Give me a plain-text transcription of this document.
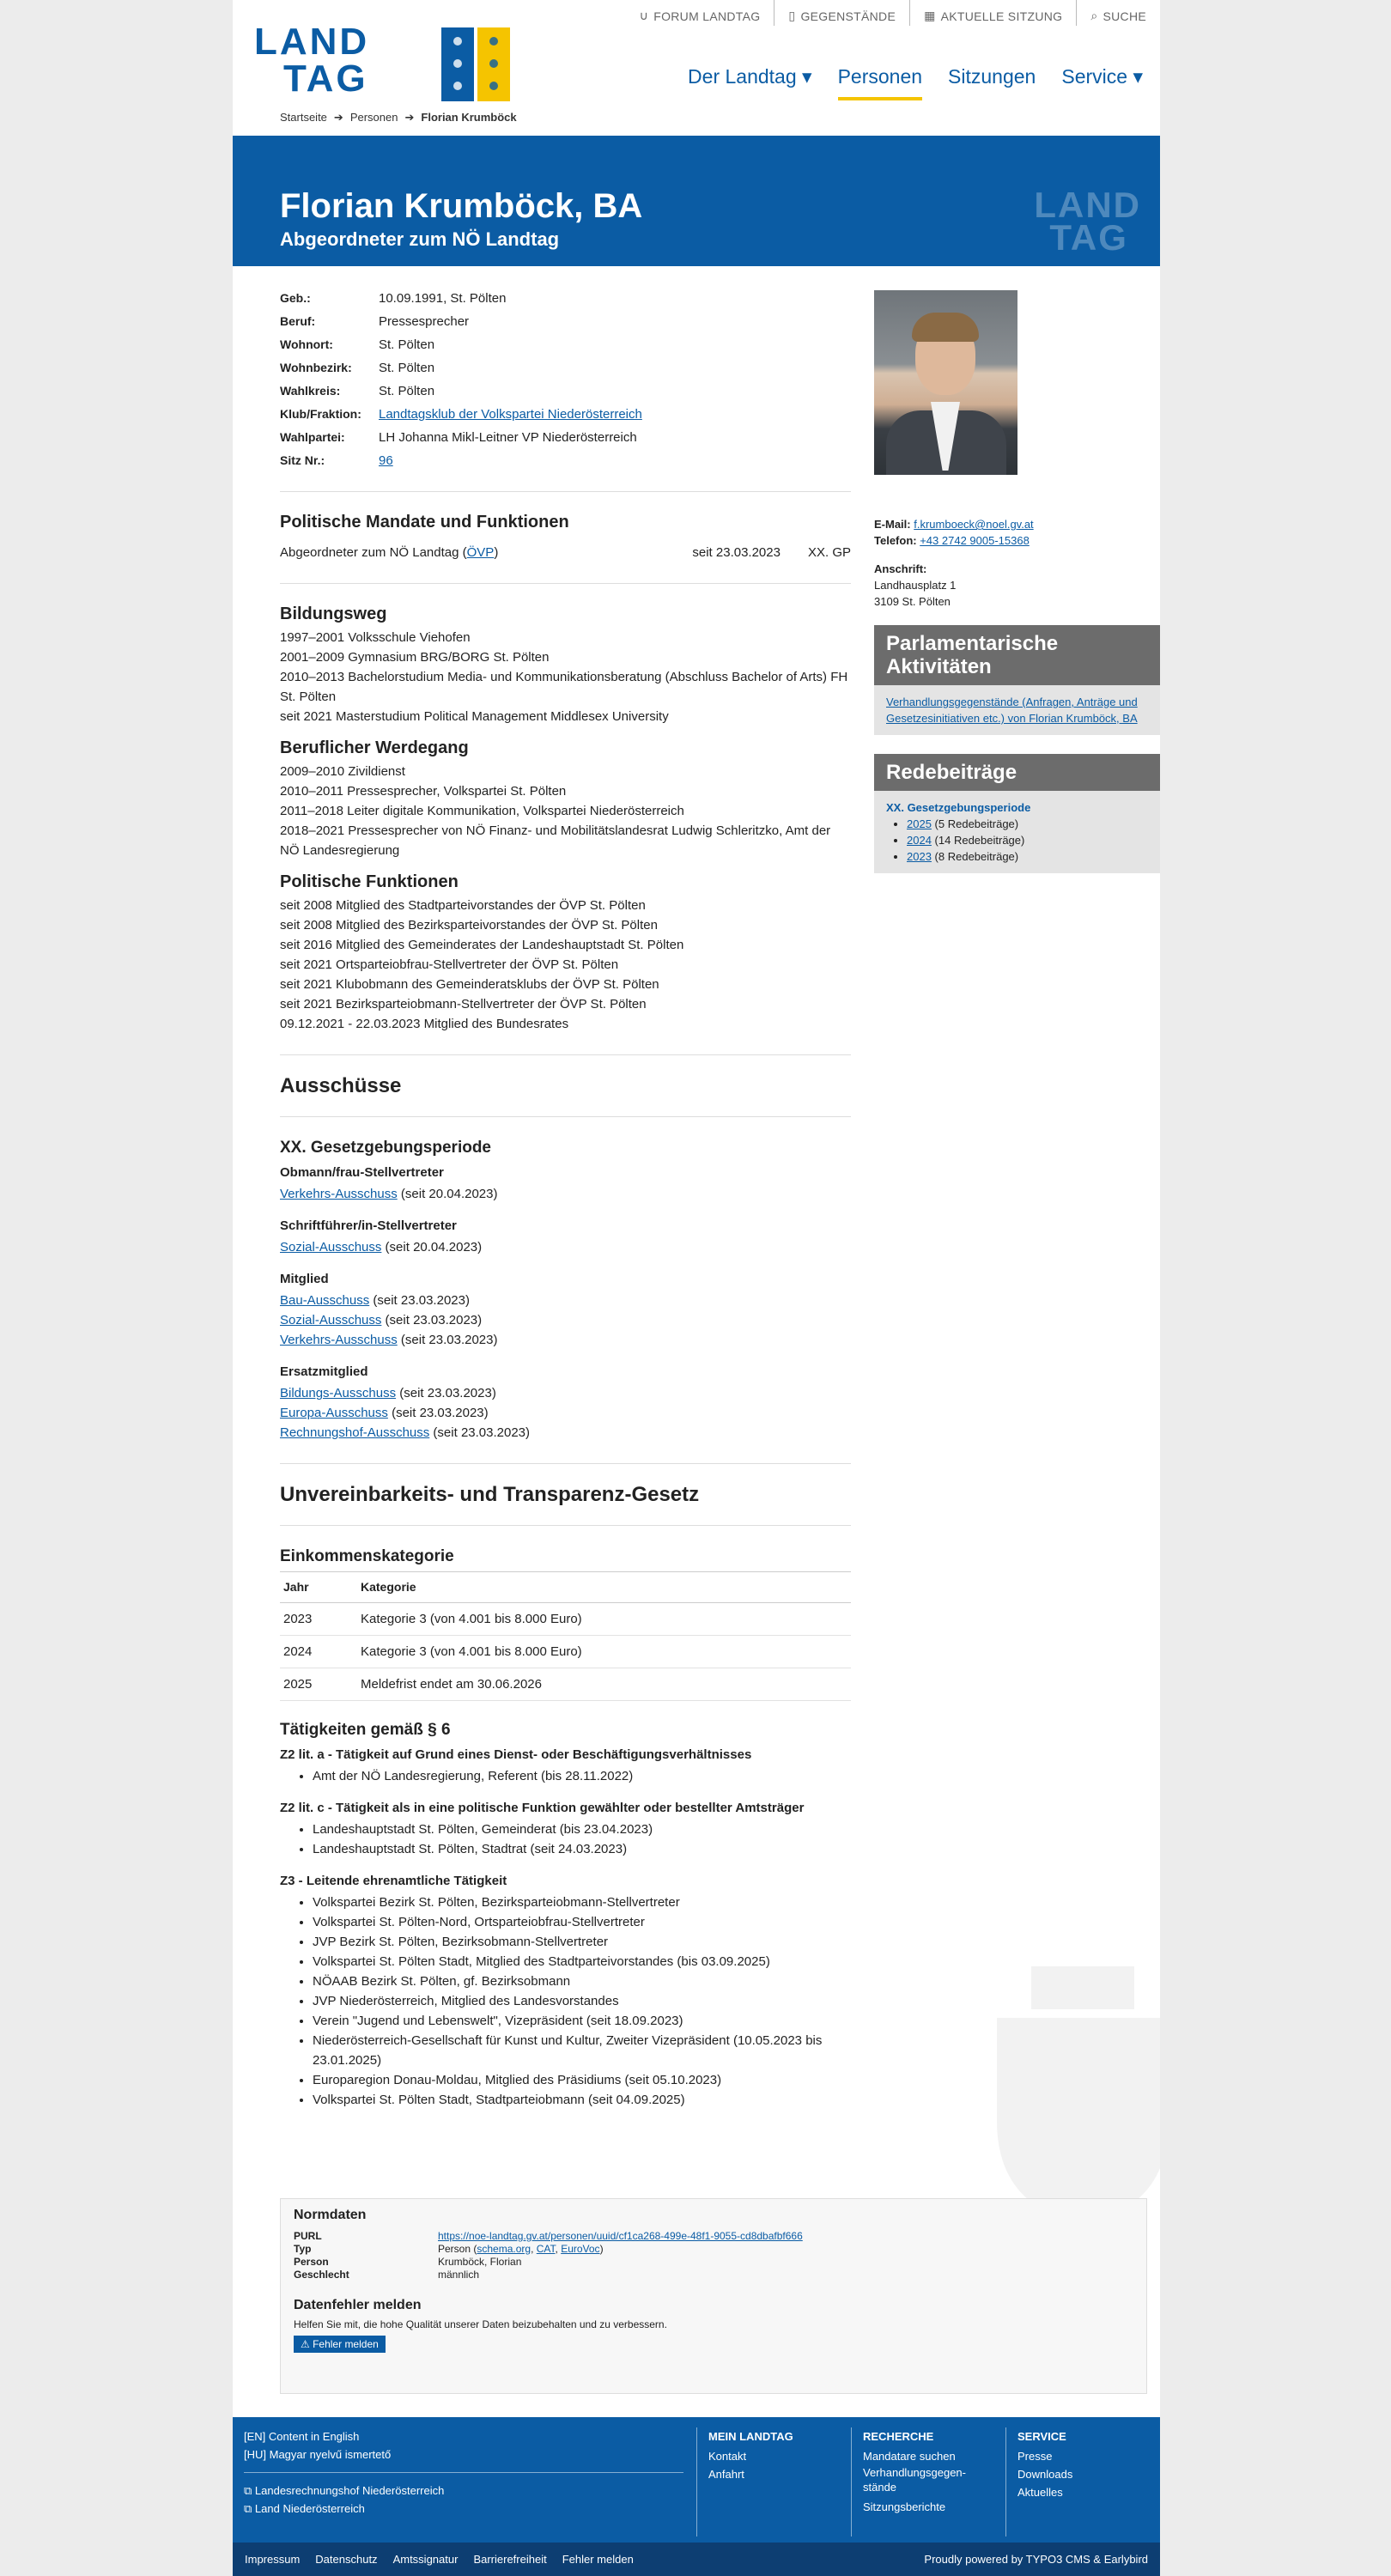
∪ FORUM LANDTAG ▯ GEGENSTÄNDE ▦ AKTUELLE SITZUNG ⌕ SUCHE
LAND
TAG	Der Landtag ▾ Personen Sitzungen Service ▾
Startseite ➔ Personen ➔ Florian Krumböck
Florian Krumböck, BA
Abgeordneter zum NÖ Landtag
LAND
TAG
Geb.:	10.09.1991, St. Pölten
Beruf:	Pressesprecher
Wohnort:	St. Pölten
Wohnbezirk:	St. Pölten
Wahlkreis:	St. Pölten
Klub/Fraktion:	Landtagsklub der Volkspartei Niederösterreich
Wahlpartei:	LH Johanna Mikl-Leitner VP Niederösterreich
Sitz Nr.:	96
Politische Mandate und Funktionen
Abgeordneter zum NÖ Landtag (ÖVP)	seit 23.03.2023 XX. GP
Bildungsweg
1997–2001 Volksschule Viehofen
2001–2009 Gymnasium BRG/BORG St. Pölten
2010–2013 Bachelorstudium Media- und Kommunikationsberatung (Abschluss Bachelor of Arts) FH St. Pölten
seit 2021 Masterstudium Political Management Middlesex University
Beruflicher Werdegang
2009–2010 Zivildienst
2010–2011 Pressesprecher, Volkspartei St. Pölten
2011–2018 Leiter digitale Kommunikation, Volkspartei Niederösterreich
2018–2021 Pressesprecher von NÖ Finanz- und Mobilitätslandesrat Ludwig Schleritzko, Amt der NÖ Landesregierung
Politische Funktionen
seit 2008 Mitglied des Stadtparteivorstandes der ÖVP St. Pölten
seit 2008 Mitglied des Bezirksparteivorstandes der ÖVP St. Pölten
seit 2016 Mitglied des Gemeinderates der Landeshauptstadt St. Pölten
seit 2021 Ortsparteiobfrau-Stellvertreter der ÖVP St. Pölten
seit 2021 Klubobmann des Gemeinderatsklubs der ÖVP St. Pölten
seit 2021 Bezirksparteiobmann-Stellvertreter der ÖVP St. Pölten
09.12.2021 - 22.03.2023 Mitglied des Bundesrates
Ausschüsse
XX. Gesetzgebungsperiode
Obmann/frau-Stellvertreter
Verkehrs-Ausschuss (seit 20.04.2023)
Schriftführer/in-Stellvertreter
Sozial-Ausschuss (seit 20.04.2023)
Mitglied
Bau-Ausschuss (seit 23.03.2023)
Sozial-Ausschuss (seit 23.03.2023)
Verkehrs-Ausschuss (seit 23.03.2023)
Ersatzmitglied
Bildungs-Ausschuss (seit 23.03.2023)
Europa-Ausschuss (seit 23.03.2023)
Rechnungshof-Ausschuss (seit 23.03.2023)
Unvereinbarkeits- und Transparenz-Gesetz
Einkommenskategorie
Jahr	Kategorie
2023	Kategorie 3 (von 4.001 bis 8.000 Euro)
2024	Kategorie 3 (von 4.001 bis 8.000 Euro)
2025	Meldefrist endet am 30.06.2026
Tätigkeiten gemäß § 6
Z2 lit. a - Tätigkeit auf Grund eines Dienst- oder Beschäftigungsverhältnisses
• Amt der NÖ Landesregierung, Referent (bis 28.11.2022)
Z2 lit. c - Tätigkeit als in eine politische Funktion gewählter oder bestellter Amtsträger
• Landeshauptstadt St. Pölten, Gemeinderat (bis 23.04.2023)
• Landeshauptstadt St. Pölten, Stadtrat (seit 24.03.2023)
Z3 - Leitende ehrenamtliche Tätigkeit
• Volkspartei Bezirk St. Pölten, Bezirksparteiobmann-Stellvertreter
• Volkspartei St. Pölten-Nord, Ortsparteiobfrau-Stellvertreter
• JVP Bezirk St. Pölten, Bezirksobmann-Stellvertreter
• Volkspartei St. Pölten Stadt, Mitglied des Stadtparteivorstandes (bis 03.09.2025)
• NÖAAB Bezirk St. Pölten, gf. Bezirksobmann
• JVP Niederösterreich, Mitglied des Landesvorstandes
• Verein "Jugend und Lebenswelt", Vizepräsident (seit 18.09.2023)
• Niederösterreich-Gesellschaft für Kunst und Kultur, Zweiter Vizepräsident (10.05.2023 bis 23.01.2025)
• Europaregion Donau-Moldau, Mitglied des Präsidiums (seit 05.10.2023)
• Volkspartei St. Pölten Stadt, Stadtparteiobmann (seit 04.09.2025)
E-Mail: f.krumboeck@noel.gv.at
Telefon: +43 2742 9005-15368
Anschrift:
Landhausplatz 1
3109 St. Pölten
Parlamentarische Aktivitäten
Verhandlungsgegenstände (Anfragen, Anträge und Gesetzesinitiativen etc.) von Florian Krumböck, BA
Redebeiträge
XX. Gesetzgebungsperiode
• 2025 (5 Redebeiträge)
• 2024 (14 Redebeiträge)
• 2023 (8 Redebeiträge)
Normdaten
PURL	https://noe-landtag.gv.at/personen/uuid/cf1ca268-499e-48f1-9055-cd8dbafbf666
Typ	Person (schema.org, CAT, EuroVoc)
Person	Krumböck, Florian
Geschlecht	männlich
Datenfehler melden
Helfen Sie mit, die hohe Qualität unserer Daten beizubehalten und zu verbessern.
⚠ Fehler melden
[EN] Content in English
[HU] Magyar nyelvű ismertető
⧉ Landesrechnungshof Niederösterreich
⧉ Land Niederösterreich
MEIN LANDTAG
Kontakt
Anfahrt
RECHERCHE
Mandatare suchen
Verhandlungsgegen-stände
Sitzungsberichte
SERVICE
Presse
Downloads
Aktuelles
Impressum Datenschutz Amtssignatur Barrierefreiheit Fehler melden	Proudly powered by TYPO3 CMS & Earlybird
